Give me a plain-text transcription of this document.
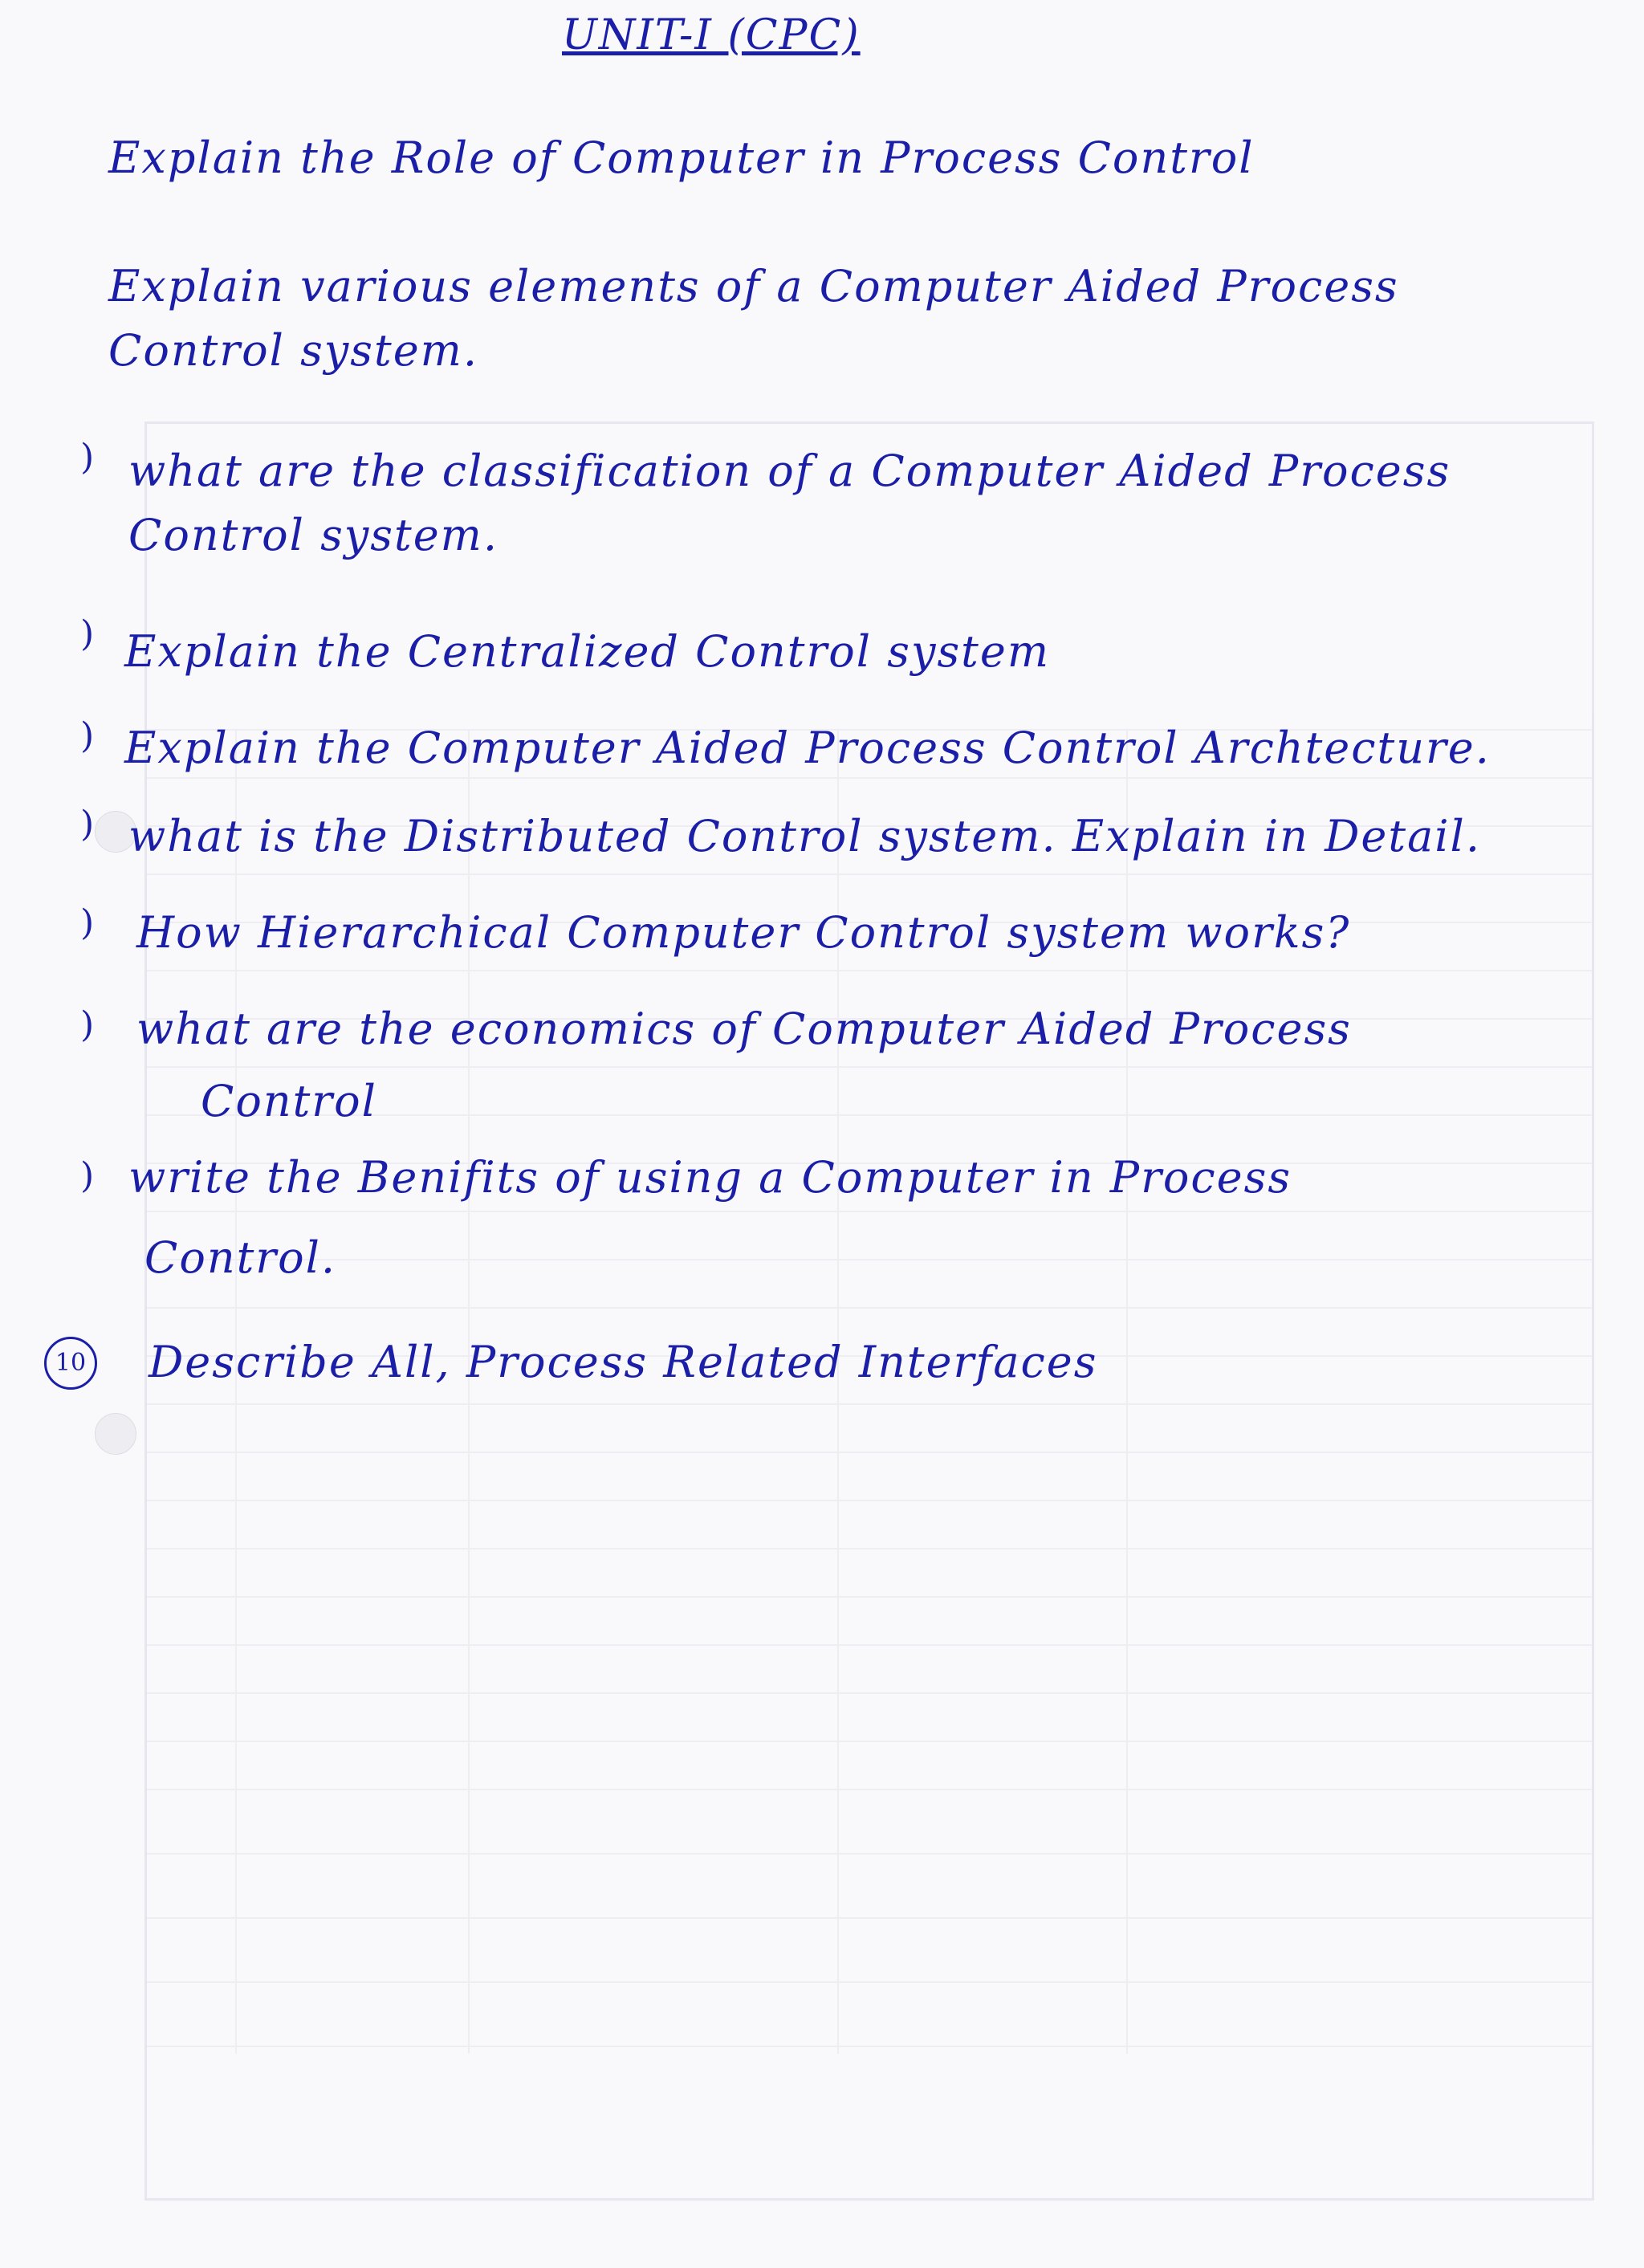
UNIT-I (CPC)
Explain the Role of Computer in Process Control
Explain various elements of a Computer Aided Process
Control system.
) what are the classification of a Computer Aided Process
Control system.
) Explain the Centralized Control system
) Explain the Computer Aided Process Control Archtecture.
) what is the Distributed Control system. Explain in Detail.
) How Hierarchical Computer Control system works?
) what are the economics of Computer Aided Process
Control
) write the Benifits of using a Computer in Process
Control.
10 Describe All, Process Related Interfaces
